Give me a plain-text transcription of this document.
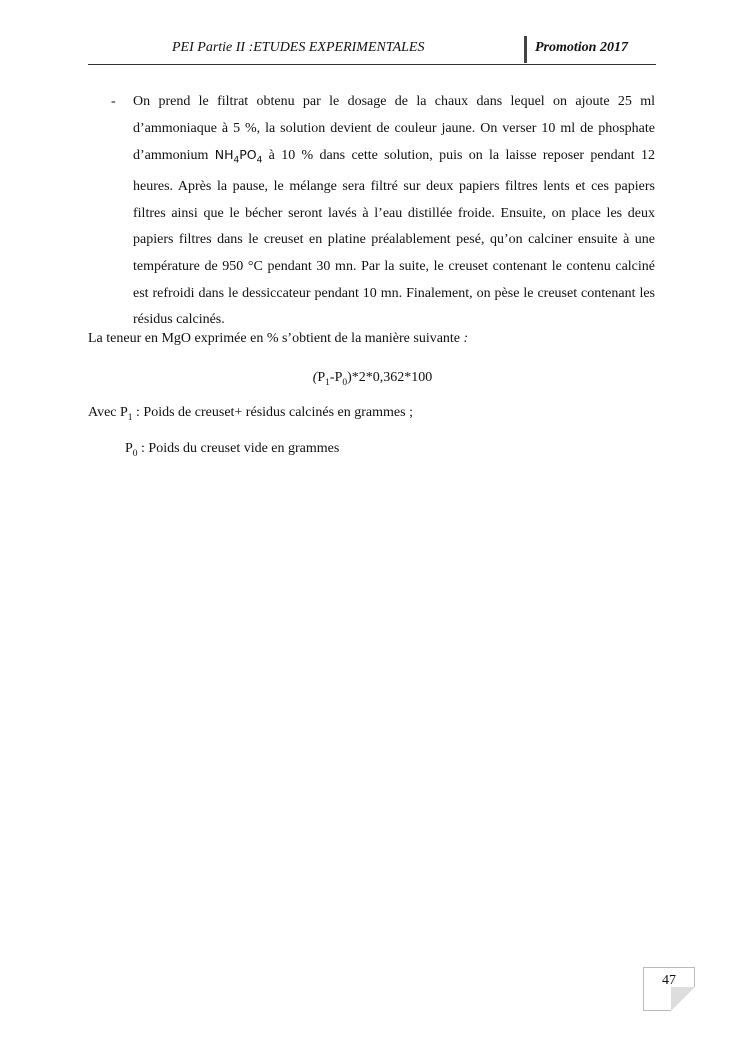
PEI Partie II :ETUDES EXPERIMENTALES	Promotion 2017
- On prend le filtrat obtenu par le dosage de la chaux dans lequel on ajoute 25 ml d’ammoniaque à 5 %, la solution devient de couleur jaune. On verser 10 ml de phosphate d’ammonium $NH_4PO_4$ à 10 % dans cette solution, puis on la laisse reposer pendant 12 heures. Après la pause, le mélange sera filtré sur deux papiers filtres lents et ces papiers filtres ainsi que le bécher seront lavés à l’eau distillée froide. Ensuite, on place les deux papiers filtres dans le creuset en platine préalablement pesé, qu’on calciner ensuite à une température de 950 °C pendant 30 mn. Par la suite, le creuset contenant le contenu calciné est refroidi dans le dessiccateur pendant 10 mn. Finalement, on pèse le creuset contenant les résidus calcinés.
La teneur en MgO exprimée en % s’obtient de la manière suivante :
$(P_1-P_0)*2*0,362*100$
Avec $P_1$ : Poids de creuset+ résidus calcinés en grammes ;
$P_0$ : Poids du creuset vide en grammes
47
